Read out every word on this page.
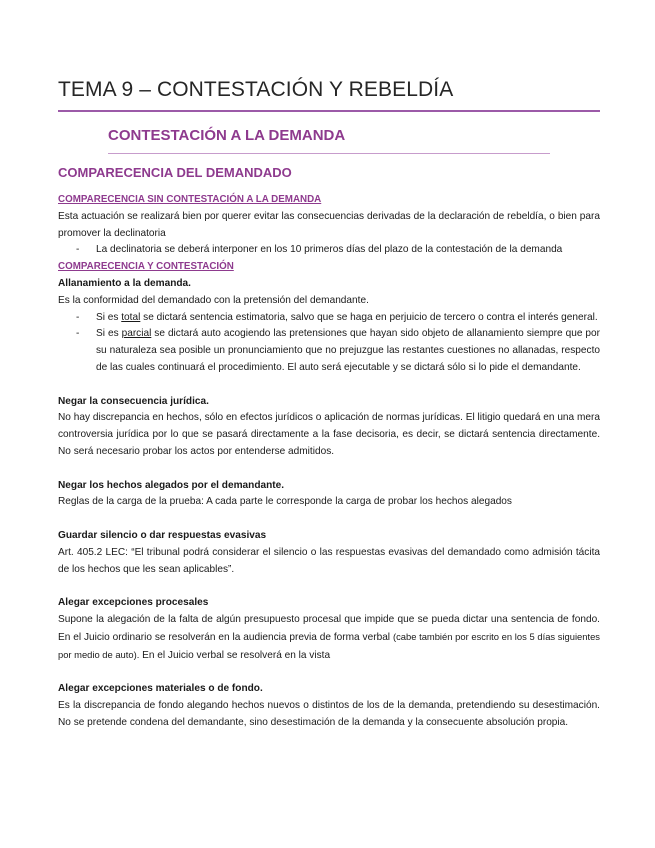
TEMA 9 – CONTESTACIÓN Y REBELDÍA
CONTESTACIÓN A LA DEMANDA
COMPARECENCIA DEL DEMANDADO

COMPARECENCIA SIN CONTESTACIÓN A LA DEMANDA

Esta actuación se realizará bien por querer evitar las consecuencias derivadas de la declaración de rebeldía, o bien para promover la declinatoria

- La declinatoria se deberá interponer en los 10 primeros días del plazo de la contestación de la demanda

COMPARECENCIA Y CONTESTACIÓN

Allanamiento a la demanda.

Es la conformidad del demandado con la pretensión del demandante.

- Si es total se dictará sentencia estimatoria, salvo que se haga en perjuicio de tercero o contra el interés general.
- Si es parcial se dictará auto acogiendo las pretensiones que hayan sido objeto de allanamiento siempre que por su naturaleza sea posible un pronunciamiento que no prejuzgue las restantes cuestiones no allanadas, respecto de las cuales continuará el procedimiento. El auto será ejecutable y se dictará sólo si lo pide el demandante.

Negar la consecuencia jurídica.

No hay discrepancia en hechos, sólo en efectos jurídicos o aplicación de normas jurídicas. El litigio quedará en una mera controversia jurídica por lo que se pasará directamente a la fase decisoria, es decir, se dictará sentencia directamente. No será necesario probar los actos por entenderse admitidos.

Negar los hechos alegados por el demandante.

Reglas de la carga de la prueba: A cada parte le corresponde la carga de probar los hechos alegados

Guardar silencio o dar respuestas evasivas

Art. 405.2 LEC: “El tribunal podrá considerar el silencio o las respuestas evasivas del demandado como admisión tácita de los hechos que les sean aplicables”.

Alegar excepciones procesales

Supone la alegación de la falta de algún presupuesto procesal que impide que se pueda dictar una sentencia de fondo. En el Juicio ordinario se resolverán en la audiencia previa de forma verbal (cabe también por escrito en los 5 días siguientes por medio de auto). En el Juicio verbal se resolverá en la vista

Alegar excepciones materiales o de fondo.

Es la discrepancia de fondo alegando hechos nuevos o distintos de los de la demanda, pretendiendo su desestimación. No se pretende condena del demandante, sino desestimación de la demanda y la consecuente absolución propia.
